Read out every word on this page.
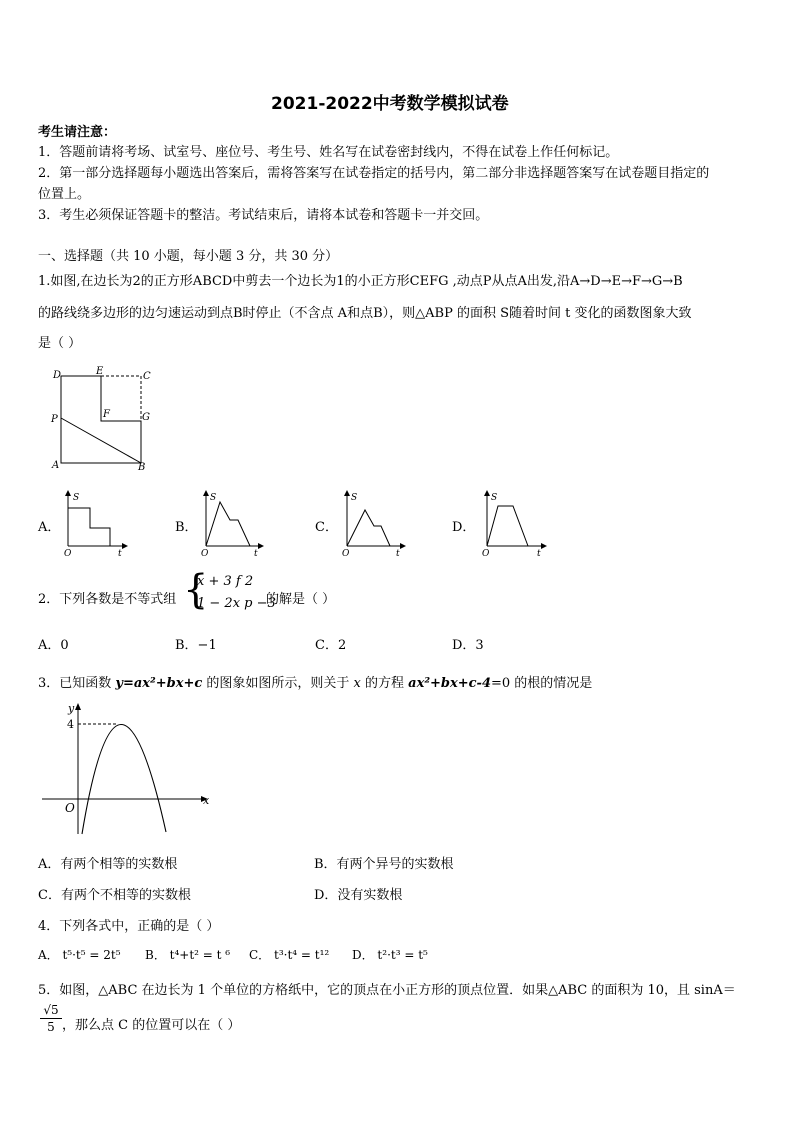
2021-2022中考数学模拟试卷
考生请注意：
1．答题前请将考场、试室号、座位号、考生号、姓名写在试卷密封线内，不得在试卷上作任何标记。
2．第一部分选择题每小题选出答案后，需将答案写在试卷指定的括号内，第二部分非选择题答案写在试卷题目指定的
位置上。
3．考生必须保证答题卡的整洁。考试结束后，请将本试卷和答题卡一并交回。
一、选择题（共 10 小题，每小题 3 分，共 30 分）
1.如图,在边长为2的正方形ABCD中剪去一个边长为1的小正方形CEFG ,动点P从点A出发,沿A→D→E→F→G→B
的路线绕多边形的边匀速运动到点B时停止（不含点 A和点B），则△ABP 的面积 S随着时间 t 变化的函数图象大致
是（ ）
D	E	C
P	F	G
A	B
A．	B．	C．	D．
S
O	t
S
O	t
S
O	t
S
O	t
2．下列各数是不等式组 {
x + 3 f 2
1 − 2x p −3
的解是（ ）
A．0	B．−1	C．2	D．3
3．已知函数 y=ax²+bx+c 的图象如图所示，则关于 x 的方程 ax²+bx+c-4=0 的根的情况是
y
4
O
x
A．有两个相等的实数根	B．有两个异号的实数根
C．有两个不相等的实数根	D．没有实数根
4．下列各式中，正确的是（ ）
A． t⁵·t⁵ = 2t⁵ B． t⁴+t² = t ⁶ C． t³·t⁴ = t¹² D． t²·t³ = t⁵
5．如图，△ABC 在边长为 1 个单位的方格纸中，它的顶点在小正方形的顶点位置．如果△ABC 的面积为 10，且 sinA＝
$\frac{√5}{5}$ ，那么点 C 的位置可以在（ ）
